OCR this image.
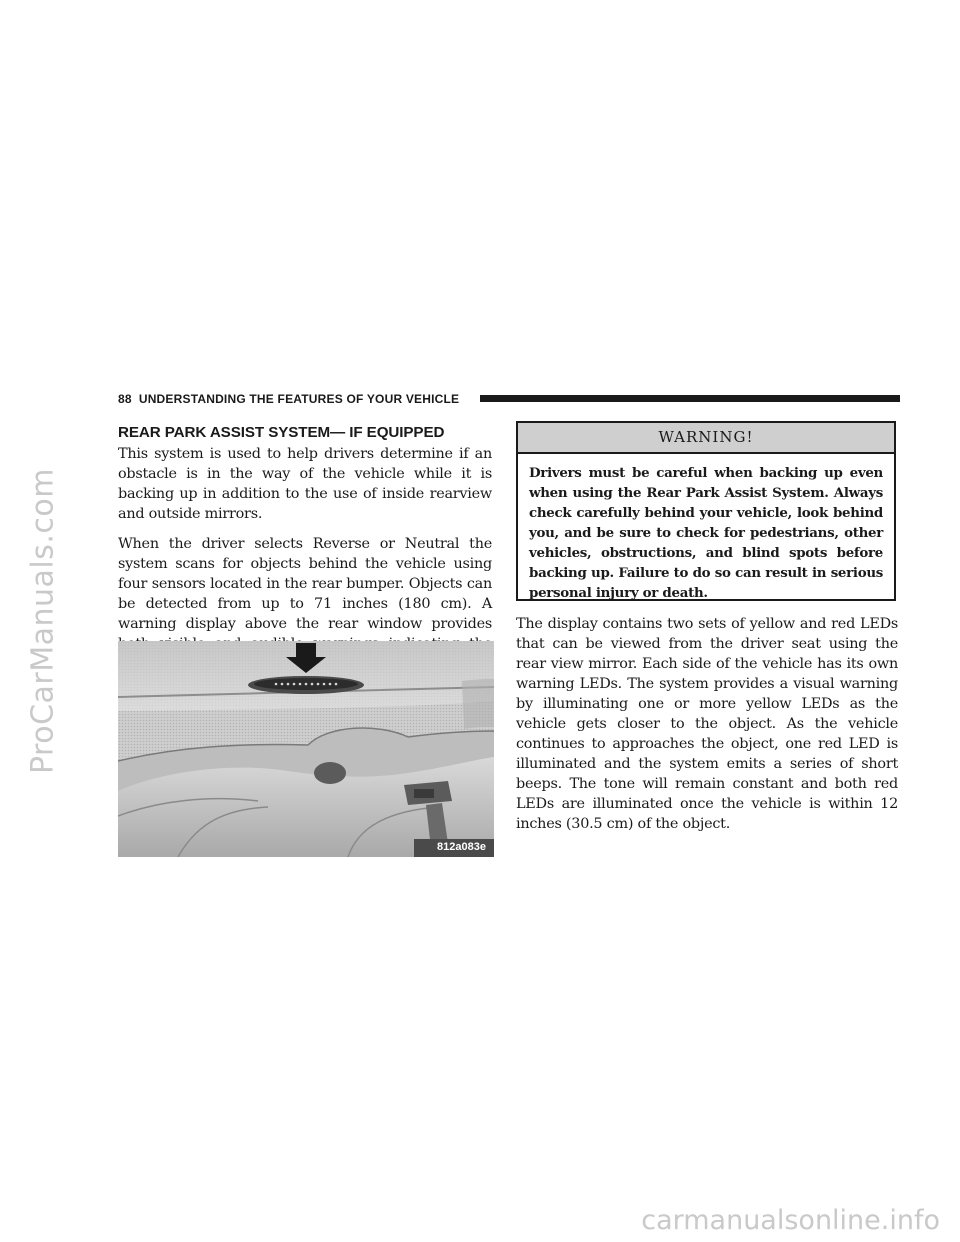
ProCarManuals.com
88 UNDERSTANDING THE FEATURES OF YOUR VEHICLE
REAR PARK ASSIST SYSTEM— IF EQUIPPED

This system is used to help drivers determine if an obstacle is in the way of the vehicle while it is backing up in addition to the use of inside rearview and outside mirrors.

When the driver selects Reverse or Neutral the system scans for objects behind the vehicle using four sensors located in the rear bumper. Objects can be detected from up to 71 inches (180 cm). A warning display above the rear window provides

812a083e
WARNING!
Drivers must be careful when backing up even when using the Rear Park Assist System. Always check carefully behind your vehicle, look behind you, and be sure to check for pedestrians, other vehicles, obstructions, and blind spots before backing up. Failure to do so can result in serious personal injury or death.

The display contains two sets of yellow and red LEDs that can be viewed from the driver seat using the rear view mirror. Each side of the vehicle has its own warning LEDs. The system provides a visual warning by illuminating one or more yellow LEDs as the vehicle gets closer to the object. As the vehicle continues to approaches the object, one red LED is illuminated and the system emits a series of short beeps. The tone will remain constant and both red LEDs are illuminated once the vehicle is within 12 inches (30.5 cm) of the object.

carmanualsonline.info
